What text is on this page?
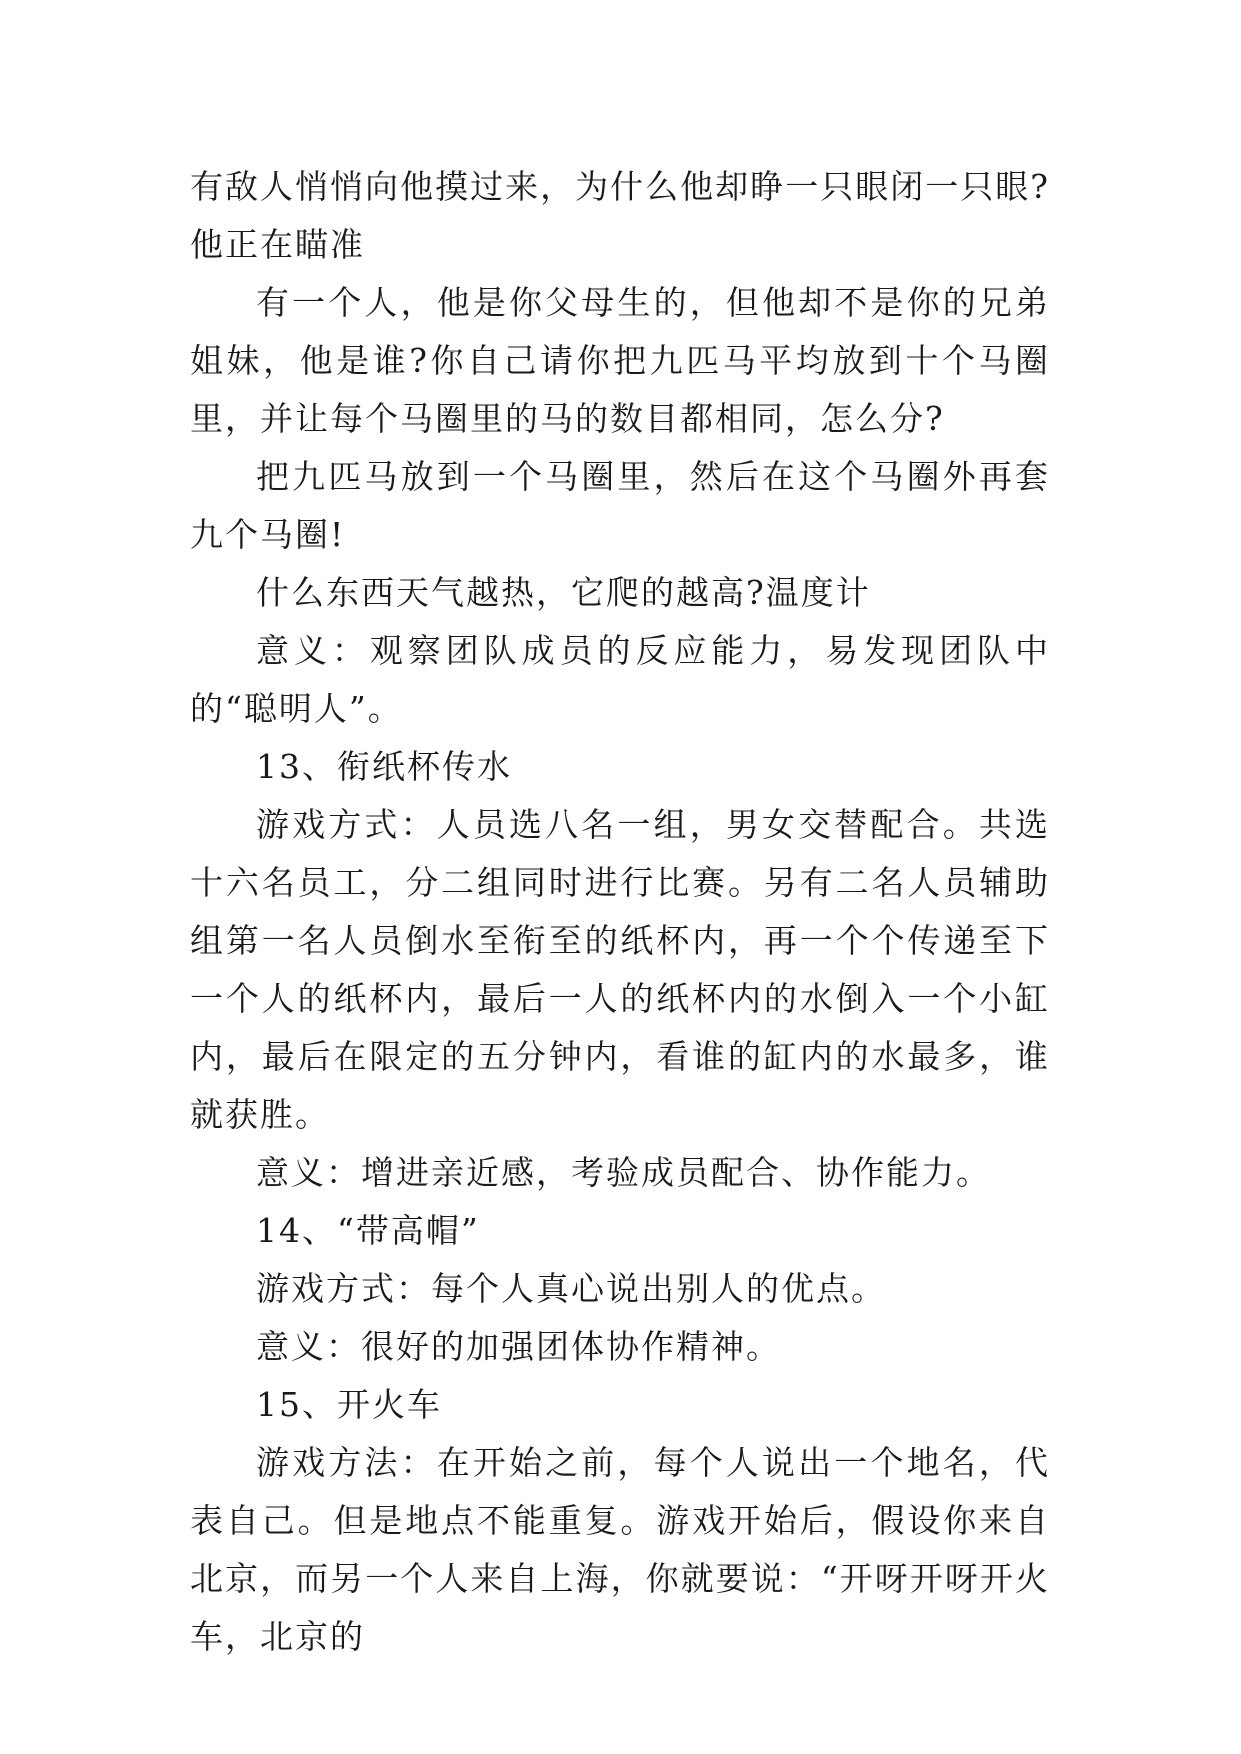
有敌人悄悄向他摸过来，为什么他却睁一只眼闭一只眼?他正在瞄准

有一个人，他是你父母生的，但他却不是你的兄弟姐妹，他是谁?你自己请你把九匹马平均放到十个马圈里，并让每个马圈里的马的数目都相同，怎么分?

把九匹马放到一个马圈里，然后在这个马圈外再套九个马圈!

什么东西天气越热，它爬的越高?温度计

意义：观察团队成员的反应能力，易发现团队中的“聪明人”。

13、衔纸杯传水

游戏方式：人员选八名一组，男女交替配合。共选十六名员工，分二组同时进行比赛。另有二名人员辅助组第一名人员倒水至衔至的纸杯内，再一个个传递至下一个人的纸杯内，最后一人的纸杯内的水倒入一个小缸内，最后在限定的五分钟内，看谁的缸内的水最多，谁就获胜。

意义：增进亲近感，考验成员配合、协作能力。

14、“带高帽”

游戏方式：每个人真心说出别人的优点。

意义：很好的加强团体协作精神。

15、开火车

游戏方法：在开始之前，每个人说出一个地名，代表自己。但是地点不能重复。游戏开始后，假设你来自北京，而另一个人来自上海，你就要说：“开呀开呀开火车，北京的
